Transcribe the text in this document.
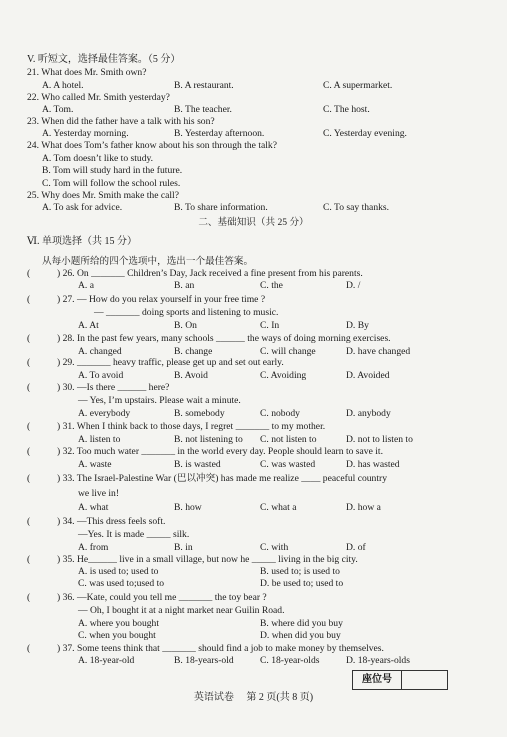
V. 听短文，选择最佳答案。（5 分）
21. What does Mr. Smith own?
A. A hotel.	B. A restaurant.	C. A supermarket.
22. Who called Mr. Smith yesterday?
A. Tom.	B. The teacher.	C. The host.
23. When did the father have a talk with his son?
A. Yesterday morning.	B. Yesterday afternoon.	C. Yesterday evening.
24. What does Tom’s father know about his son through the talk?
A. Tom doesn’t like to study.
B. Tom will study hard in the future.
C. Tom will follow the school rules.
25. Why does Mr. Smith make the call?
A. To ask for advice.	B. To share information.	C. To say thanks.
二、基础知识（共 25 分）
Ⅵ. 单项选择（共 15 分）
从每小题所给的四个选项中，选出一个最佳答案。
(	) 26. On _______ Children’s Day, Jack received a fine present from his parents.
A. a	B. an	C. the	D. /
(	) 27. — How do you relax yourself in your free time ?
— _______ doing sports and listening to music.
A. At	B. On	C. In	D. By
(	) 28. In the past few years, many schools ______ the ways of doing morning exercises.
A. changed	B. change	C. will change	D. have changed
(	) 29. _______ heavy traffic, please get up and set out early.
A. To avoid	B. Avoid	C. Avoiding	D. Avoided
(	) 30. —Is there ______ here?
— Yes, I’m upstairs. Please wait a minute.
A. everybody	B. somebody	C. nobody	D. anybody
(	) 31. When I think back to those days, I regret _______ to my mother.
A. listen to	B. not listening to C. not listen to	D. not to listen to
(	) 32. Too much water _______ in the world every day. People should learn to save it.
A. waste	B. is wasted	C. was wasted	D. has wasted
(	) 33. The Israel-Palestine War (巴以冲突) has made me realize ____ peaceful country
we live in!
A. what	B. how	C. what a	D. how a
(	) 34. —This dress feels soft.
—Yes. It is made _____ silk.
A. from	B. in	C. with	D. of
(	) 35. He______ live in a small village, but now he _____ living in the big city.
A. is used to; used to	B. used to; is used to
C. was used to;used to	D. be used to; used to
(	) 36. —Kate, could you tell me _______ the toy bear ?
— Oh, I bought it at a night market near Guilin Road.
A. where you bought	B. where did you buy
C. when you bought	D. when did you buy
(	) 37. Some teens think that _______ should find a job to make money by themselves.
A. 18-year-old	B. 18-years-old	C. 18-year-olds	D. 18-years-olds
座位号
英语试卷     第 2 页(共 8 页)
